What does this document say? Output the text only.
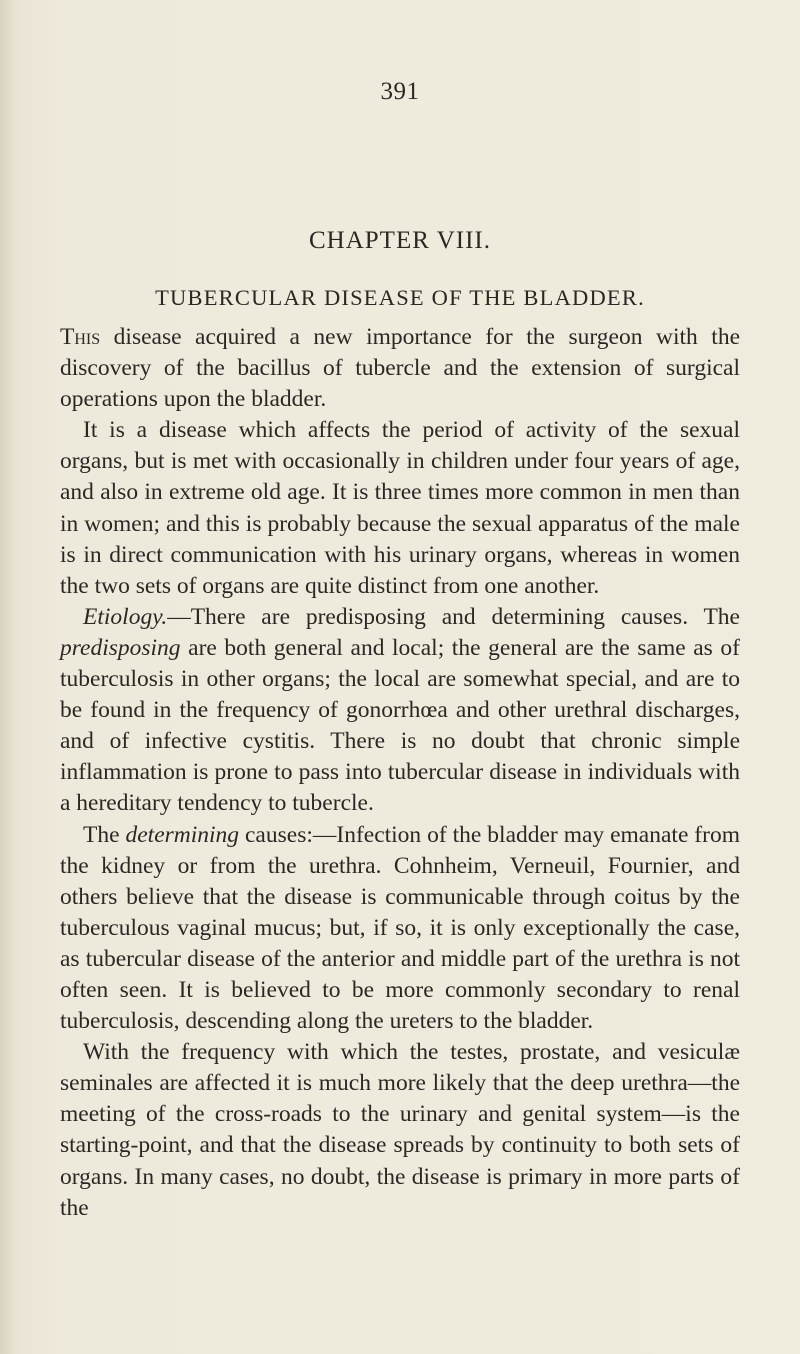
391
CHAPTER VIII.
TUBERCULAR DISEASE OF THE BLADDER.

This disease acquired a new importance for the surgeon with the discovery of the bacillus of tubercle and the extension of surgical operations upon the bladder.

It is a disease which affects the period of activity of the sexual organs, but is met with occasionally in children under four years of age, and also in extreme old age. It is three times more common in men than in women; and this is probably because the sexual apparatus of the male is in direct communication with his urinary organs, whereas in women the two sets of organs are quite distinct from one another.

Etiology.—There are predisposing and determining causes. The predisposing are both general and local; the general are the same as of tuberculosis in other organs; the local are somewhat special, and are to be found in the frequency of gonorrhœa and other urethral discharges, and of infective cystitis. There is no doubt that chronic simple inflammation is prone to pass into tubercular disease in individuals with a hereditary tendency to tubercle.

The determining causes:—Infection of the bladder may emanate from the kidney or from the urethra. Cohnheim, Verneuil, Fournier, and others believe that the disease is communicable through coitus by the tuberculous vaginal mucus; but, if so, it is only exceptionally the case, as tubercular disease of the anterior and middle part of the urethra is not often seen. It is believed to be more commonly secondary to renal tuberculosis, descending along the ureters to the bladder.

With the frequency with which the testes, prostate, and vesiculæ seminales are affected it is much more likely that the deep urethra—the meeting of the cross-roads to the urinary and genital system—is the starting-point, and that the disease spreads by continuity to both sets of organs. In many cases, no doubt, the disease is primary in more parts of the
